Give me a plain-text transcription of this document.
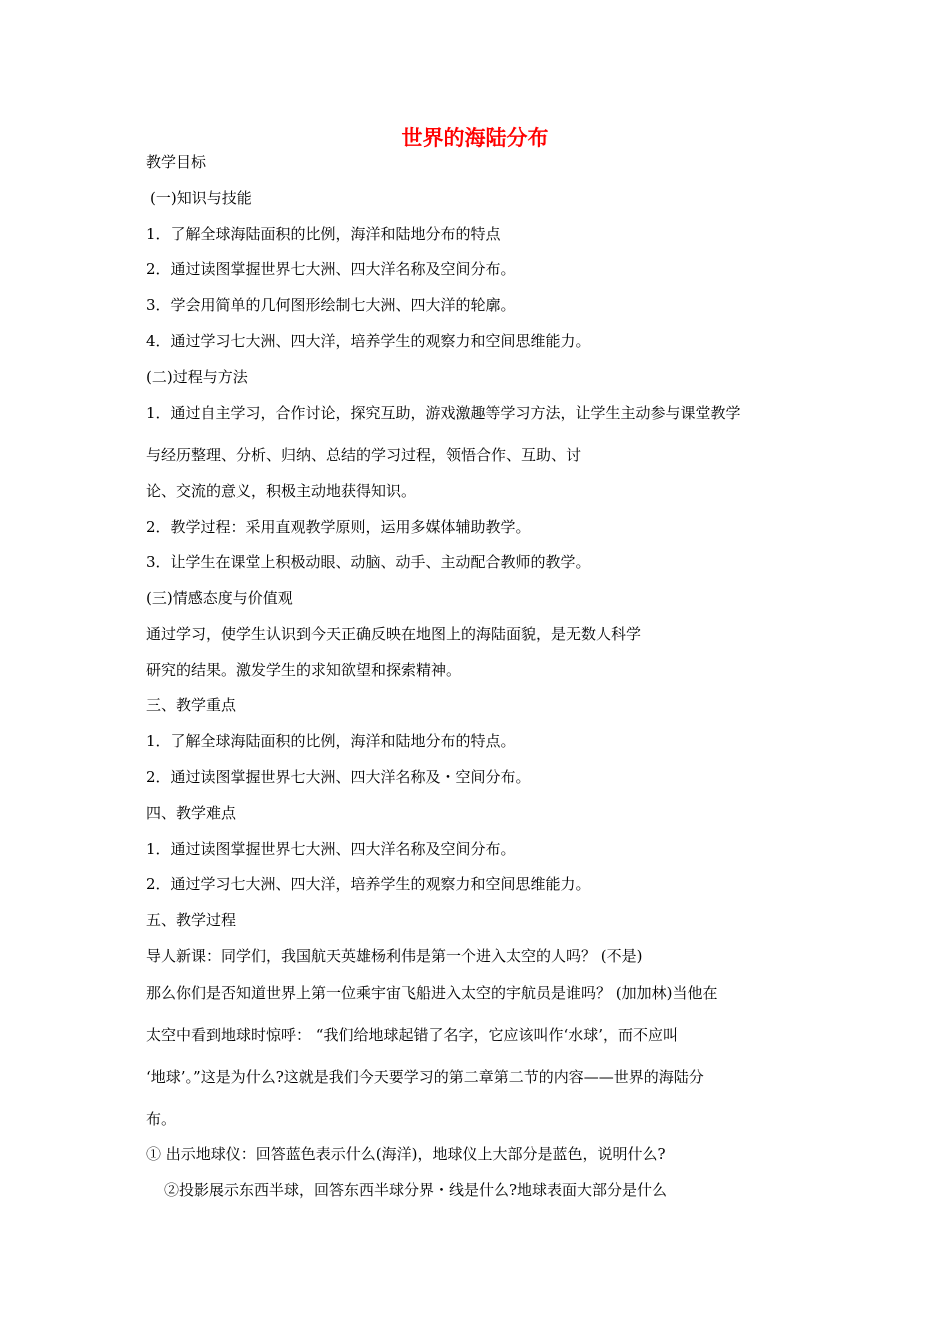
世界的海陆分布
教学目标
(一)知识与技能
1．了解全球海陆面积的比例，海洋和陆地分布的特点
2．通过读图掌握世界七大洲、四大洋名称及空间分布。
3．学会用简单的几何图形绘制七大洲、四大洋的轮廓。
4．通过学习七大洲、四大洋，培养学生的观察力和空间思维能力。
(二)过程与方法
1．通过自主学习，合作讨论，探究互助，游戏激趣等学习方法，让学生主动参与课堂教学
与经历整理、分析、归纳、总结的学习过程，领悟合作、互助、讨
论、交流的意义，积极主动地获得知识。
2．教学过程：采用直观教学原则，运用多媒体辅助教学。
3．让学生在课堂上积极动眼、动脑、动手、主动配合教师的教学。
(三)情感态度与价值观
通过学习，使学生认识到今天正确反映在地图上的海陆面貌，是无数人科学
研究的结果。激发学生的求知欲望和探索精神。
三、教学重点
1．了解全球海陆面积的比例，海洋和陆地分布的特点。
2．通过读图掌握世界七大洲、四大洋名称及・空间分布。
四、教学难点
1．通过读图掌握世界七大洲、四大洋名称及空间分布。
2．通过学习七大洲、四大洋，培养学生的观察力和空间思维能力。
五、教学过程
导人新课：同学们，我国航天英雄杨利伟是第一个进入太空的人吗？ (不是)
那么你们是否知道世界上第一位乘宇宙飞船进入太空的宇航员是谁吗？ (加加林)当他在
太空中看到地球时惊呼： “我们给地球起错了名字，它应该叫作‘水球’，而不应叫
‘地球’。”这是为什么?这就是我们今天要学习的第二章第二节的内容——世界的海陆分
布。
① 出示地球仪：回答蓝色表示什么(海洋)，地球仪上大部分是蓝色，说明什么?
②投影展示东西半球，回答东西半球分界・线是什么?地球表面大部分是什么
